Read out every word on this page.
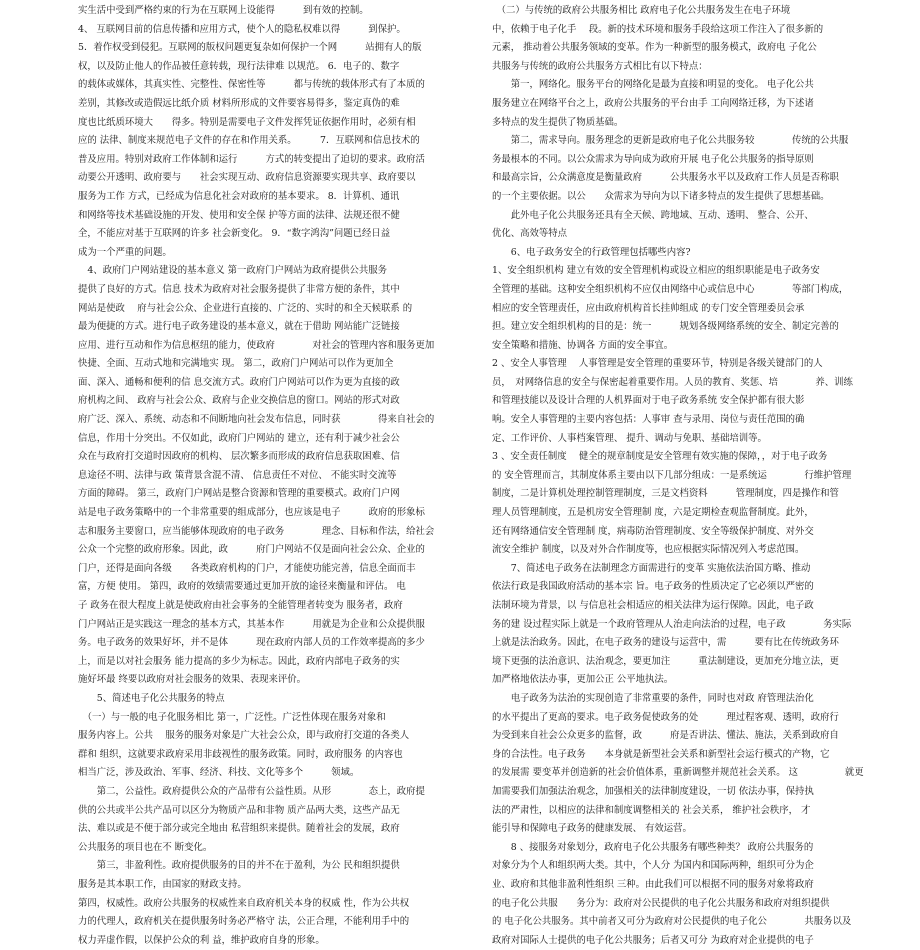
实生活中受到严格约束的行为在互联网上设能得　　　到有效的控制。
4、 互联网目前的信息传播和应用方式，使个人的隐私权难以得　　　到保护。
5．着作权受到侵犯。互联网的版权问题更复杂如何保护一个网　　　站拥有人的版
权，以及防止他人的作品被任意转载，现行法律难 以规范。 6．电子的、数字
的载体或媒体，其真实性、完整性、保密性等　　　都与传统的载体形式有了本质的
差别，其修改或造假远比纸介质 材料所形成的文件要容易得多，鉴定真伪的难
度也比纸质环境大　　得多。特别是需要电子文件发挥凭证依据作用时，必须有相
应的 法律、制度来规范电子文件的存在和作用关系。　　　7．互联网和信息技术的
普及应用。特别对政府工作体制和运行　　　方式的转变提出了迫切的要求。政府活
动要公开透明、政府要与　　社会实现互动、政府信息资源要实现共享、政府要以
服务为工作 方式，已经成为信息化社会对政府的基本要求。 8．计算机、通讯
和网络等技术基础设施的开发、使用和安全保 护等方面的法律、法规还很不健
全，不能应对基于互联网的许多 社会新变化。 9．“数字鸿沟”问题已经日益
成为一个严重的问题。
　4、政府门户网站建设的基本意义 第一政府门户网站为政府提供公共服务
提供了良好的方式。信息 技术为政府对社会服务提供了非常方便的条件，其中
网站是使政　 府与社会公众、企业进行直接的、广泛的、实时的和全天候联系 的
最为便捷的方式。进行电子政务建设的基本意义，就在于借助 网站能广泛链接
应用、进行互动和作为信息枢纽的能力，使政府　　　　对社会的管理内容和服务更加
快捷、全面、互动式地和完满地实 现。 第二，政府门户网站可以作为更加全
面、深入、通畅和便利的信 息交流方式。政府门户网站可以作为更为直接的政
府机构之间、 政府与社会公众、政府与企业交换信息的窗口。网站的形式对政
府广泛、深入、系统、动态和不间断地向社会发布信息，同时获　　　　得来自社会的
信息，作用十分突出。不仅如此，政府门户网站的 建立，还有利于减少社会公
众在与政府打交道时因政府的机构、 层次繁多而形成的政府信息获取困难、信
息途径不明、法律与政 策背景含混不清、 信息责任不对位、 不能实时交流等
方面的障碍。 第三，政府门户网站是整合资源和管理的重要模式。政府门户网
站是电子政务策略中的一个非常重要的组成部分，也应该是电子　　　政府的形象标
志和服务主要窗口，应当能够体现政府的电子政务　　　　理念、目标和作法，给社会
公众一个完整的政府形象。因此，政　　　府门户网站不仅是面向社会公众、企业的
门户，还得是面向各级　　各类政府机构的门户，才能使功能完善，信息全面而丰
富，方便 使用。 第四，政府的效绩需要通过更加开放的途径来衡量和评估。 电
子 政务在很大程度上就是使政府由社会事务的全能管理者转变为 服务者，政府
门户网站正是实践这一理念的基本方式，其基本作　　　用就是为企业和公众提供服
务。电子政务的效果好坏，并不是体　　　现在政府内部人员的工作效率提高的多少
上，而是以对社会服务 能力提高的多少为标志。因此，政府内部电子政务的实
施好坏最 终要以政府对社会服务的效果、表现来评价。
　　5、简述电子化公共服务的特点
　（一）与一般的电子化服务相比 第一，广泛性。广泛性体现在服务对象和
服务内容上。公共　 服务的服务对象是广大社会公众，即与政府打交道的各类人
群和 组织，这就要求政府采用非歧视性的服务政策。同时，政府服务 的内容也
相当广泛，涉及政治、军事、经济、科技、文化等多个　　　领域。
　　第二，公益性。政府提供公众的产品带有公益性质。从形　　　　态上，政府提
供的公共或半公共产品可以区分为物质产品和非物 质产品两大类，这些产品无
法、难以或是不便于部分或完全地由 私营组织来提供。随着社会的发展，政府
公共服务的项目也在不 断变化。
　　第三，非盈利性。政府提供服务的目的并不在于盈利，为公 民和组织提供
服务是其本职工作，由国家的财政支持。
第四，权威性。政府公共服务的权威性来自政府机关本身的权威 性，作为公共权
力的代理人，政府机关在提供服务时务必严格守 法，公正合理，不能利用手中的
权力弄虚作假，以保护公众的利 益，维护政府自身的形象。
　（二）与传统的政府公共服务相比 政府电子化公共服务发生在电子环境
中，依赖于电子化手　 段。新的技术环境和服务手段给这项工作注入了很多新的
元素， 推动着公共服务领域的变革。作为一种新型的服务模式，政府电 子化公
共服务与传统的政府公共服务方式相比有以下特点：
　　第一，网络化。服务平台的网络化是最为直接和明显的变化。 电子化公共
服务建立在网络平台之上，政府公共服务的平台由手 工向网络迁移，为下述诸
多特点的发生提供了物质基础。
　　第二，需求导向。服务理念的更新是政府电子化公共服务较　　　　传统的公共服
务最根本的不同。以公众需求为导向成为政府开展 电子化公共服务的指导原则
和最高宗旨，公众满意度是衡量政府　　　公共服务水平以及政府工作人员是否称职
的一个主要依据。以公　　众需求为导向为以下诸多特点的发生提供了思想基础。
　　此外电子化公共服务还具有全天候、跨地域、互动、透明、 整合、公开、
优化、高效等特点
　　6、电子政务安全的行政管理包括哪些内容?
1、安全组织机构 建立有效的安全管理机构或设立相应的组织职能是电子政务安
全管理的基础。这种安全组织机构不应仅由网络中心或信息中心　　　　等部门构成，
相应的安全管理责任，应由政府机构首长挂帅组成 的专门安全管理委员会承
担。建立安全组织机构的目的是：统一　　　规划各级网络系统的安全、制定完善的
安全策略和措施、协调各 方面的安全事宜。
2 、安全人事管理　 人事管理是安全管理的重要环节，特别是各级关键部门的人
员，　对网络信息的安全与保密起着重要作用。人员的教育、奖惩、培　　　　养、训练
和管理技能以及设计合理的人机界面对于电子政务系统 安全保护都有很大影
响。安全人事管理的主要内容包括：人事审 查与录用、岗位与责任范围的确
定、工作评价、人事档案管理、 提升、调动与免职、基础培训等。
3 、安全责任制度　 健全的规章制度是安全管理有效实施的保障，，对于电子政务
的 安全管理而言，其制度体系主要由以下几部分组成：一是系统运　　　　行维护管理
制度，二是计算机处理控制管理制度，三是文档资料　　　管理制度，四是操作和管
理人员管理制度，五是机房安全管理制 度，六是定期检查观监督制度。此外，
还有网络通信安全管理制 度，病毒防治管理制度、安全等级保护制度、对外交
流安全维护 制度，以及对外合作制度等，也应根据实际情况列入考虑范围。
　　7、简述电子政务在法制理念方面需进行的变革 实施依法治国方略、推动
依法行政是我国政府活动的基本宗 旨。电子政务的性质决定了它必须以严密的
法制环境为背景，以 与信息社会相适应的相关法律为运行保障。因此，电子政
务的建 设过程实际上就是一个政府管理从人治走向法治的过程，电子政　　　　务实际
上就是法治政务。因此，在电子政务的建设与运营中，需　　　要有比在传统政务环
境下更强的法治意识、法治观念，要更加注　　　重法制建设，更加充分地立法，更
加严格地依法办事，更加公正 公平地执法。
　　电子政务为法治的实现创造了非常重要的条件，同时也对政 府管理法治化
的水平提出了更高的要求。电子政务促使政务的处　　　理过程客观、透明，政府行
为受到来自社会公众更多的监督，政　　　府是否讲法、懂法、施法，关系到政府自
身的合法性。电子政务　　本身就是新型社会关系和新型社会运行模式的产物，它
的发展需 要变革并创造新的社会价值体系，重新调整并规范社会关系。 这　　　　　就更
加需要我们加强法治观念，加强相关的法律制度建设，一切 依法办事，保持执
法的严肃性，以相应的法律和制度调整相关的 社会关系， 维护社会秩序， 才
能引导和保障电子政务的健康发展、 有效运营。
　　8 、接服务对象划分，政府电子化公共服务有哪些种类？ 政府公共服务的
对象分为个人和组织两大类。其中，个人分 为国内和国际两种，组织可分为企
业、政府和其他非盈利性组织 三种。由此我们可以根据不同的服务对象将政府
的电子化公共服　　务分为：政府对公民提供的电子化公共服务和政府对组织提供
的 电子化公共服务。其中前者又可分为政府对公民提供的电子化公　　　　共服务以及
政府对国际人士提供的电子化公共服务；后者又可分 为政府对企业提供的电子
